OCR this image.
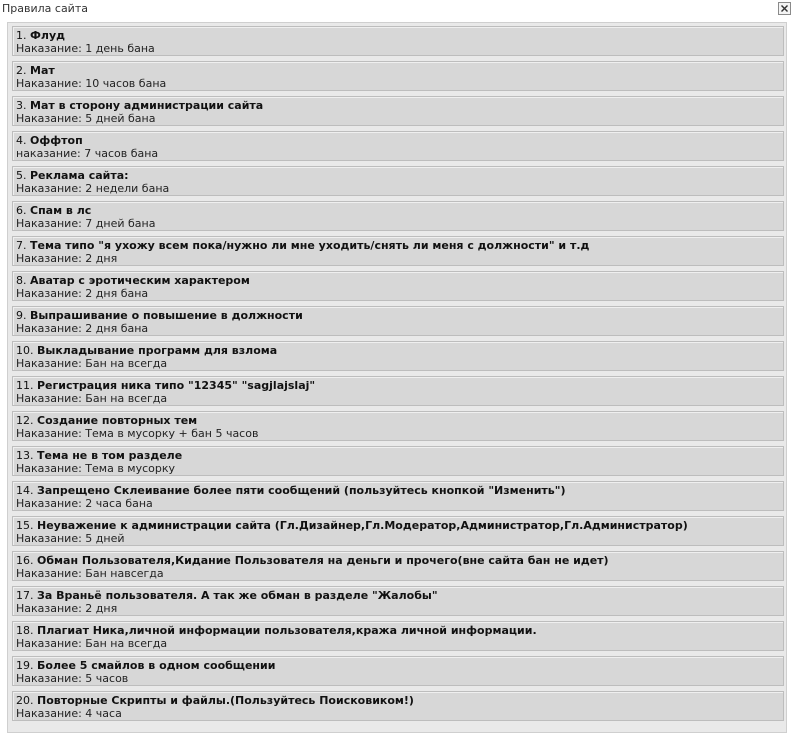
Правила сайта
1. Флуд
Наказание: 1 день бана
2. Мат
Наказание: 10 часов бана
3. Мат в сторону администрации сайта
Наказание: 5 дней бана
4. Оффтоп
наказание: 7 часов бана
5. Реклама сайта:
Наказание: 2 недели бана
6. Спам в лс
Наказание: 7 дней бана
7. Тема типо "я ухожу всем пока/нужно ли мне уходить/снять ли меня с должности" и т.д
Наказание: 2 дня
8. Аватар с эротическим характером
Наказание: 2 дня бана
9. Выпрашивание о повышение в должности
Наказание: 2 дня бана
10. Выкладывание программ для взлома
Наказание: Бан на всегда
11. Регистрация ника типо "12345" "sagjlajslaj"
Наказание: Бан на всегда
12. Создание повторных тем
Наказание: Тема в мусорку + бан 5 часов
13. Тема не в том разделе
Наказание: Тема в мусорку
14. Запрещено Склеивание более пяти сообщений (пользуйтесь кнопкой "Изменить")
Наказание: 2 часа бана
15. Неуважение к администрации сайта (Гл.Дизайнер,Гл.Модератор,Администратор,Гл.Администратор)
Наказание: 5 дней
16. Обман Пользователя,Кидание Пользователя на деньги и прочего(вне сайта бан не идет)
Наказание: Бан навсегда
17. За Враньё пользователя. А так же обман в разделе "Жалобы"
Наказание: 2 дня
18. Плагиат Ника,личной информации пользователя,кража личной информации.
Наказание: Бан на всегда
19. Более 5 смайлов в одном сообщении
Наказание: 5 часов
20. Повторные Скрипты и файлы.(Пользуйтесь Поисковиком!)
Наказание: 4 часа
